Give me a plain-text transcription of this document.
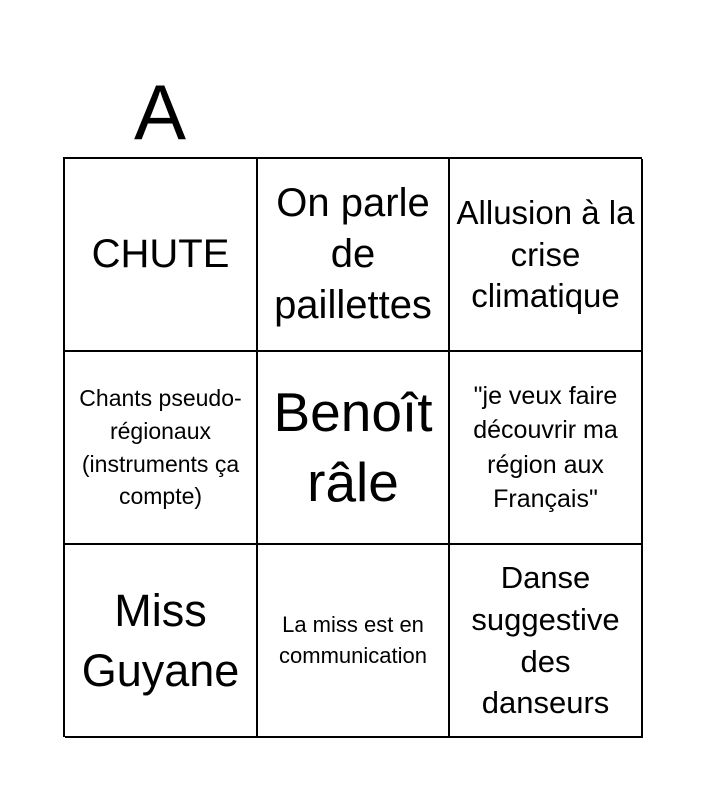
A
CHUTE
On parle de paillettes
Allusion à la crise climatique
Chants pseudo-régionaux (instruments ça compte)
Benoît râle
"je veux faire découvrir ma région aux Français"
Miss Guyane
La miss est en communication
Danse suggestive des danseurs
